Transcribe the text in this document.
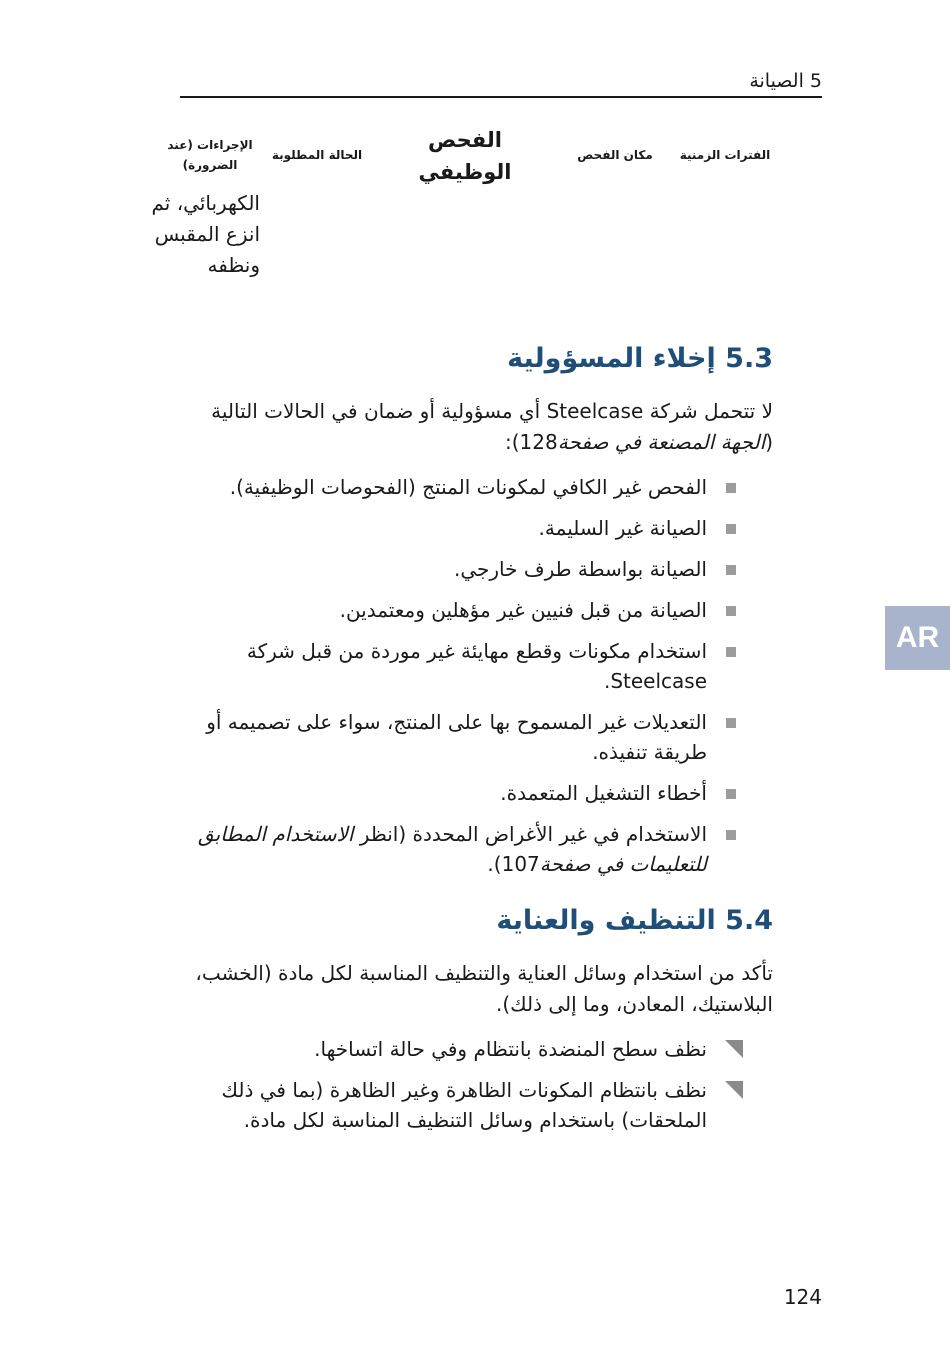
5 الصيانة
الفترات الزمنية
مكان الفحص
الفحص الوظيفي
الحالة المطلوبة
الإجراءات (عند الضرورة)
الكهربائي، ثم انزع المقبس ونظفه
5.3 إخلاء المسؤولية
لا تتحمل شركة Steelcase أي مسؤولية أو ضمان في الحالات التالية (الجهة المصنعة في صفحة128):
الفحص غير الكافي لمكونات المنتج (الفحوصات الوظيفية).
الصيانة غير السليمة.
الصيانة بواسطة طرف خارجي.
الصيانة من قبل فنيين غير مؤهلين ومعتمدين.
استخدام مكونات وقطع مهايئة غير موردة من قبل شركة Steelcase.
التعديلات غير المسموح بها على المنتج، سواء على تصميمه أو طريقة تنفيذه.
أخطاء التشغيل المتعمدة.
الاستخدام في غير الأغراض المحددة (انظر الاستخدام المطابق للتعليمات في صفحة107).
5.4 التنظيف والعناية
تأكد من استخدام وسائل العناية والتنظيف المناسبة لكل مادة (الخشب، البلاستيك، المعادن، وما إلى ذلك).
نظف سطح المنضدة بانتظام وفي حالة اتساخها.
نظف بانتظام المكونات الظاهرة وغير الظاهرة (بما في ذلك الملحقات) باستخدام وسائل التنظيف المناسبة لكل مادة.
AR
124
